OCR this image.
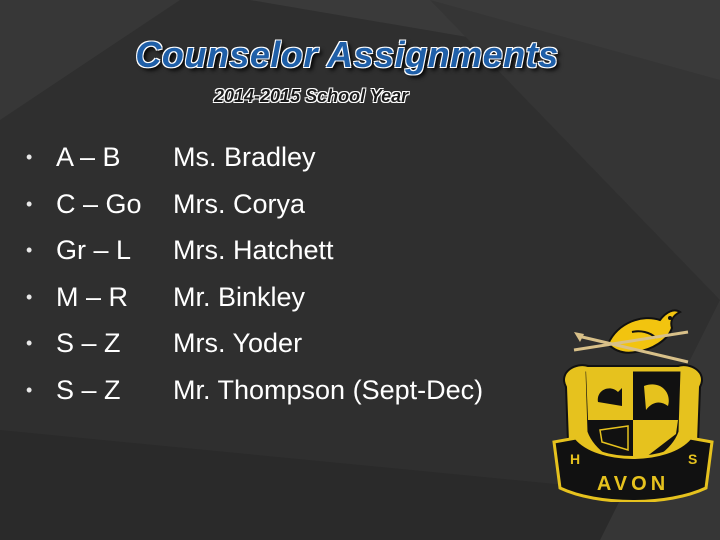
Counselor Assignments
2014-2015 School Year
• A – B Ms. Bradley
• C – Go Mrs. Corya
• Gr – L Mrs. Hatchett
• M – R Mr. Binkley
• S – Z Mrs. Yoder
• S – Z Mr. Thompson (Sept-Dec)
H	S
AVON
